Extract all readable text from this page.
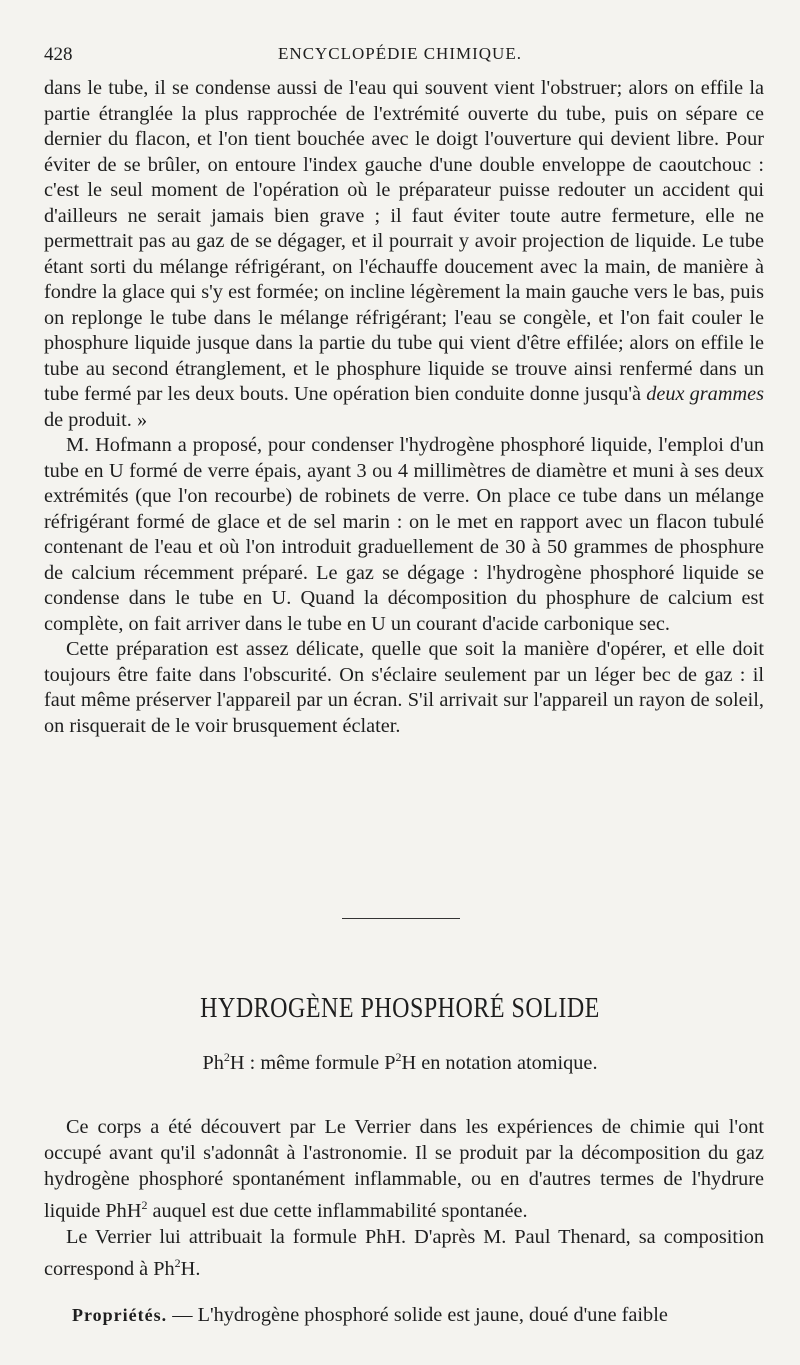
428	ENCYCLOPÉDIE CHIMIQUE.

dans le tube, il se condense aussi de l'eau qui souvent vient l'obstruer; alors on effile la partie étranglée la plus rapprochée de l'extrémité ouverte du tube, puis on sépare ce dernier du flacon, et l'on tient bouchée avec le doigt l'ouverture qui devient libre. Pour éviter de se brûler, on entoure l'index gauche d'une double enveloppe de caoutchouc : c'est le seul moment de l'opération où le préparateur puisse redouter un accident qui d'ailleurs ne serait jamais bien grave ; il faut éviter toute autre fermeture, elle ne permettrait pas au gaz de se dégager, et il pourrait y avoir projection de liquide. Le tube étant sorti du mélange réfrigérant, on l'échauffe doucement avec la main, de manière à fondre la glace qui s'y est formée; on incline légèrement la main gauche vers le bas, puis on replonge le tube dans le mélange réfrigérant; l'eau se congèle, et l'on fait couler le phosphure liquide jusque dans la partie du tube qui vient d'être effilée; alors on effile le tube au second étranglement, et le phosphure liquide se trouve ainsi renfermé dans un tube fermé par les deux bouts. Une opération bien conduite donne jusqu'à deux grammes de produit. »

M. Hofmann a proposé, pour condenser l'hydrogène phosphoré liquide, l'emploi d'un tube en U formé de verre épais, ayant 3 ou 4 millimètres de diamètre et muni à ses deux extrémités (que l'on recourbe) de robinets de verre. On place ce tube dans un mélange réfrigérant formé de glace et de sel marin : on le met en rapport avec un flacon tubulé contenant de l'eau et où l'on introduit graduellement de 30 à 50 grammes de phosphure de calcium récemment préparé. Le gaz se dégage : l'hydrogène phosphoré liquide se condense dans le tube en U. Quand la décomposition du phosphure de calcium est complète, on fait arriver dans le tube en U un courant d'acide carbonique sec.

Cette préparation est assez délicate, quelle que soit la manière d'opérer, et elle doit toujours être faite dans l'obscurité. On s'éclaire seulement par un léger bec de gaz : il faut même préserver l'appareil par un écran. S'il arrivait sur l'appareil un rayon de soleil, on risquerait de le voir brusquement éclater.

HYDROGÈNE PHOSPHORÉ SOLIDE
Ph$^2$H : même formule $P^2H$ en notation atomique.

Ce corps a été découvert par Le Verrier dans les expériences de chimie qui l'ont occupé avant qu'il s'adonnât à l'astronomie. Il se produit par la décomposition du gaz hydrogène phosphoré spontanément inflammable, ou en d'autres termes de l'hydrure liquide PhH$^2$ auquel est due cette inflammabilité spontanée.

Le Verrier lui attribuait la formule PhH. D'après M. Paul Thenard, sa composition correspond à Ph$^2$H.

Propriétés. — L'hydrogène phosphoré solide est jaune, doué d'une faible
